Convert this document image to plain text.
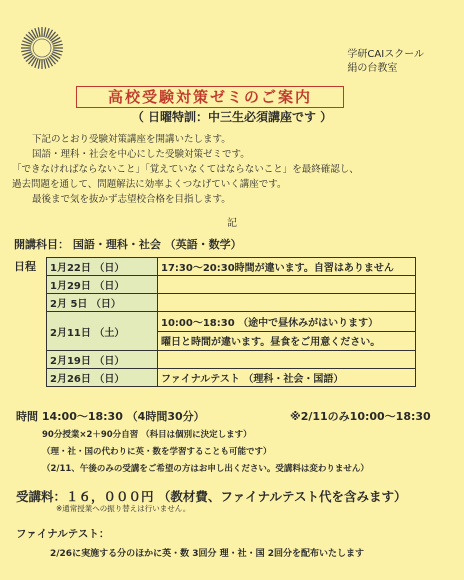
学研CAIスクール
絹の台教室
高校受験対策ゼミのご案内
（ 日曜特訓：中三生必須講座です ）

下記のとおり受験対策講座を開講いたします。

国語・理科・社会を中心にした受験対策ゼミです。

「できなければならないこと」「覚えていなくてはならないこと」を最終確認し、

過去問題を通して、問題解法に効率よくつなげていく講座です。

最後まで気を抜かず志望校合格を目指します。

記
開講科目： 国語・理科・社会 （英語・数学）
日程 1月22日 （日）	17:30～20:30時間が違います。自習はありません
1月29日 （日）	
2月 5日 （日）	
2月11日 （土）	10:00～18:30 （途中で昼休みがはいります）
	曜日と時間が違います。昼食をご用意ください。
2月19日 （日）	
2月26日 （日）	ファイナルテスト （理科・社会・国語）
時間 14:00～18:30 （4時間30分）	※2/11のみ10:00～18:30
90分授業×2＋90分自習 （科目は個別に決定します）
（理・社・国の代わりに英・数を学習することも可能です）
（2/11、午後のみの受講をご希望の方はお申し出ください。受講料は変わりません）
受講料：１６，０００円 （教材費、ファイナルテスト代を含みます）
※通常授業への振り替えは行いません。
ファイナルテスト：
2/26に実施する分のほかに英・数 3回分 理・社・国 2回分を配布いたします
